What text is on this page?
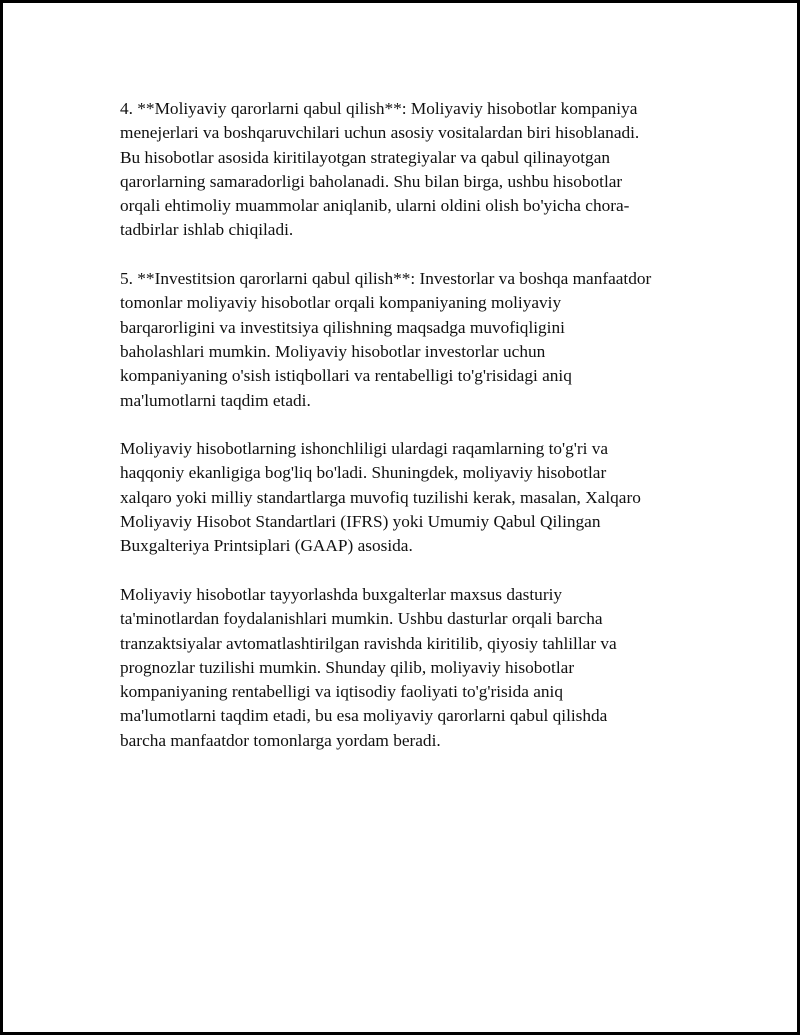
4. **Moliyaviy qarorlarni qabul qilish**: Moliyaviy hisobotlar kompaniya
menejerlari va boshqaruvchilari uchun asosiy vositalardan biri hisoblanadi.
Bu hisobotlar asosida kiritilayotgan strategiyalar va qabul qilinayotgan
qarorlarning samaradorligi baholanadi. Shu bilan birga, ushbu hisobotlar
orqali ehtimoliy muammolar aniqlanib, ularni oldini olish bo'yicha chora-
tadbirlar ishlab chiqiladi.

5. **Investitsion qarorlarni qabul qilish**: Investorlar va boshqa manfaatdor
tomonlar moliyaviy hisobotlar orqali kompaniyaning moliyaviy
barqarorligini va investitsiya qilishning maqsadga muvofiqligini
baholashlari mumkin. Moliyaviy hisobotlar investorlar uchun
kompaniyaning o'sish istiqbollari va rentabelligi to'g'risidagi aniq
ma'lumotlarni taqdim etadi.

Moliyaviy hisobotlarning ishonchliligi ulardagi raqamlarning to'g'ri va
haqqoniy ekanligiga bog'liq bo'ladi. Shuningdek, moliyaviy hisobotlar
xalqaro yoki milliy standartlarga muvofiq tuzilishi kerak, masalan, Xalqaro
Moliyaviy Hisobot Standartlari (IFRS) yoki Umumiy Qabul Qilingan
Buxgalteriya Printsiplari (GAAP) asosida.

Moliyaviy hisobotlar tayyorlashda buxgalterlar maxsus dasturiy
ta'minotlardan foydalanishlari mumkin. Ushbu dasturlar orqali barcha
tranzaktsiyalar avtomatlashtirilgan ravishda kiritilib, qiyosiy tahlillar va
prognozlar tuzilishi mumkin. Shunday qilib, moliyaviy hisobotlar
kompaniyaning rentabelligi va iqtisodiy faoliyati to'g'risida aniq
ma'lumotlarni taqdim etadi, bu esa moliyaviy qarorlarni qabul qilishda
barcha manfaatdor tomonlarga yordam beradi.
